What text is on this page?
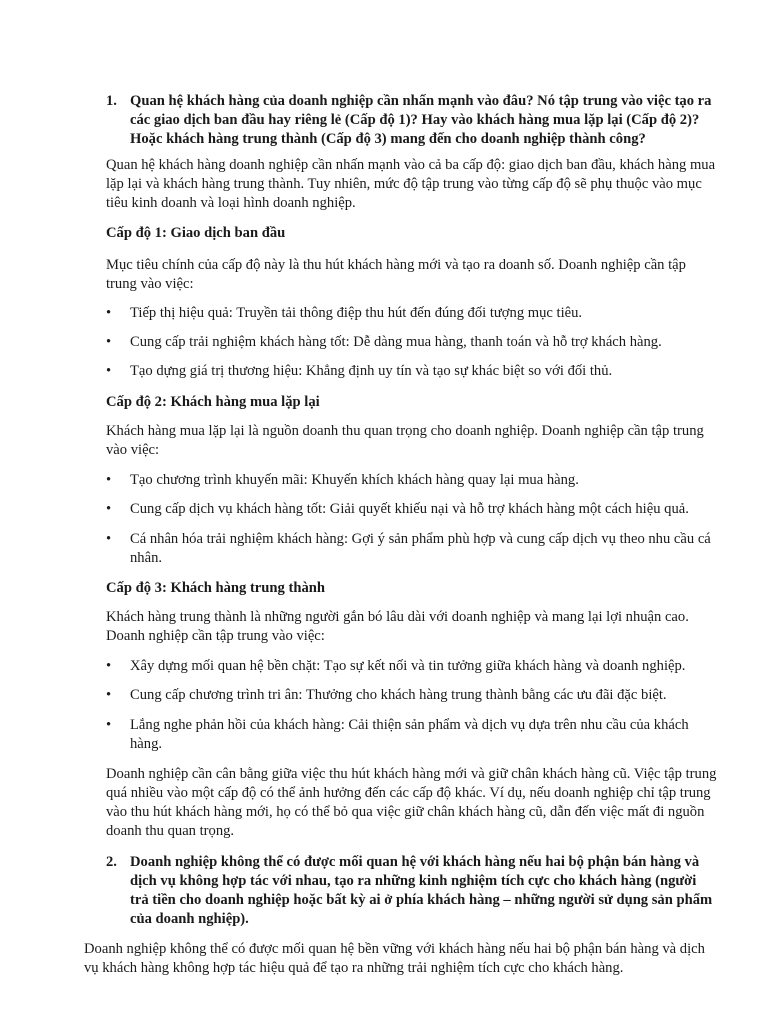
1. Quan hệ khách hàng của doanh nghiệp cần nhấn mạnh vào đâu? Nó tập trung vào việc tạo ra các giao dịch ban đầu hay riêng lẻ (Cấp độ 1)? Hay vào khách hàng mua lặp lại (Cấp độ 2)? Hoặc khách hàng trung thành (Cấp độ 3) mang đến cho doanh nghiệp thành công?
Quan hệ khách hàng doanh nghiệp cần nhấn mạnh vào cả ba cấp độ: giao dịch ban đầu, khách hàng mua lặp lại và khách hàng trung thành. Tuy nhiên, mức độ tập trung vào từng cấp độ sẽ phụ thuộc vào mục tiêu kinh doanh và loại hình doanh nghiệp.
Cấp độ 1: Giao dịch ban đầu
Mục tiêu chính của cấp độ này là thu hút khách hàng mới và tạo ra doanh số. Doanh nghiệp cần tập trung vào việc:
•	Tiếp thị hiệu quả: Truyền tải thông điệp thu hút đến đúng đối tượng mục tiêu.
•	Cung cấp trải nghiệm khách hàng tốt: Dễ dàng mua hàng, thanh toán và hỗ trợ khách hàng.
•	Tạo dựng giá trị thương hiệu: Khẳng định uy tín và tạo sự khác biệt so với đối thủ.
Cấp độ 2: Khách hàng mua lặp lại
Khách hàng mua lặp lại là nguồn doanh thu quan trọng cho doanh nghiệp. Doanh nghiệp cần tập trung vào việc:
•	Tạo chương trình khuyến mãi: Khuyến khích khách hàng quay lại mua hàng.
•	Cung cấp dịch vụ khách hàng tốt: Giải quyết khiếu nại và hỗ trợ khách hàng một cách hiệu quả.
•	Cá nhân hóa trải nghiệm khách hàng: Gợi ý sản phẩm phù hợp và cung cấp dịch vụ theo nhu cầu cá nhân.
Cấp độ 3: Khách hàng trung thành
Khách hàng trung thành là những người gắn bó lâu dài với doanh nghiệp và mang lại lợi nhuận cao. Doanh nghiệp cần tập trung vào việc:
•	Xây dựng mối quan hệ bền chặt: Tạo sự kết nối và tin tưởng giữa khách hàng và doanh nghiệp.
•	Cung cấp chương trình tri ân: Thưởng cho khách hàng trung thành bằng các ưu đãi đặc biệt.
•	Lắng nghe phản hồi của khách hàng: Cải thiện sản phẩm và dịch vụ dựa trên nhu cầu của khách hàng.
Doanh nghiệp cần cân bằng giữa việc thu hút khách hàng mới và giữ chân khách hàng cũ. Việc tập trung quá nhiều vào một cấp độ có thể ảnh hưởng đến các cấp độ khác. Ví dụ, nếu doanh nghiệp chỉ tập trung vào thu hút khách hàng mới, họ có thể bỏ qua việc giữ chân khách hàng cũ, dẫn đến việc mất đi nguồn doanh thu quan trọng.
2. Doanh nghiệp không thể có được mối quan hệ với khách hàng nếu hai bộ phận bán hàng và dịch vụ không hợp tác với nhau, tạo ra những kinh nghiệm tích cực cho khách hàng (người trả tiền cho doanh nghiệp hoặc bất kỳ ai ở phía khách hàng – những người sử dụng sản phẩm của doanh nghiệp).
Doanh nghiệp không thể có được mối quan hệ bền vững với khách hàng nếu hai bộ phận bán hàng và dịch vụ khách hàng không hợp tác hiệu quả để tạo ra những trải nghiệm tích cực cho khách hàng.
